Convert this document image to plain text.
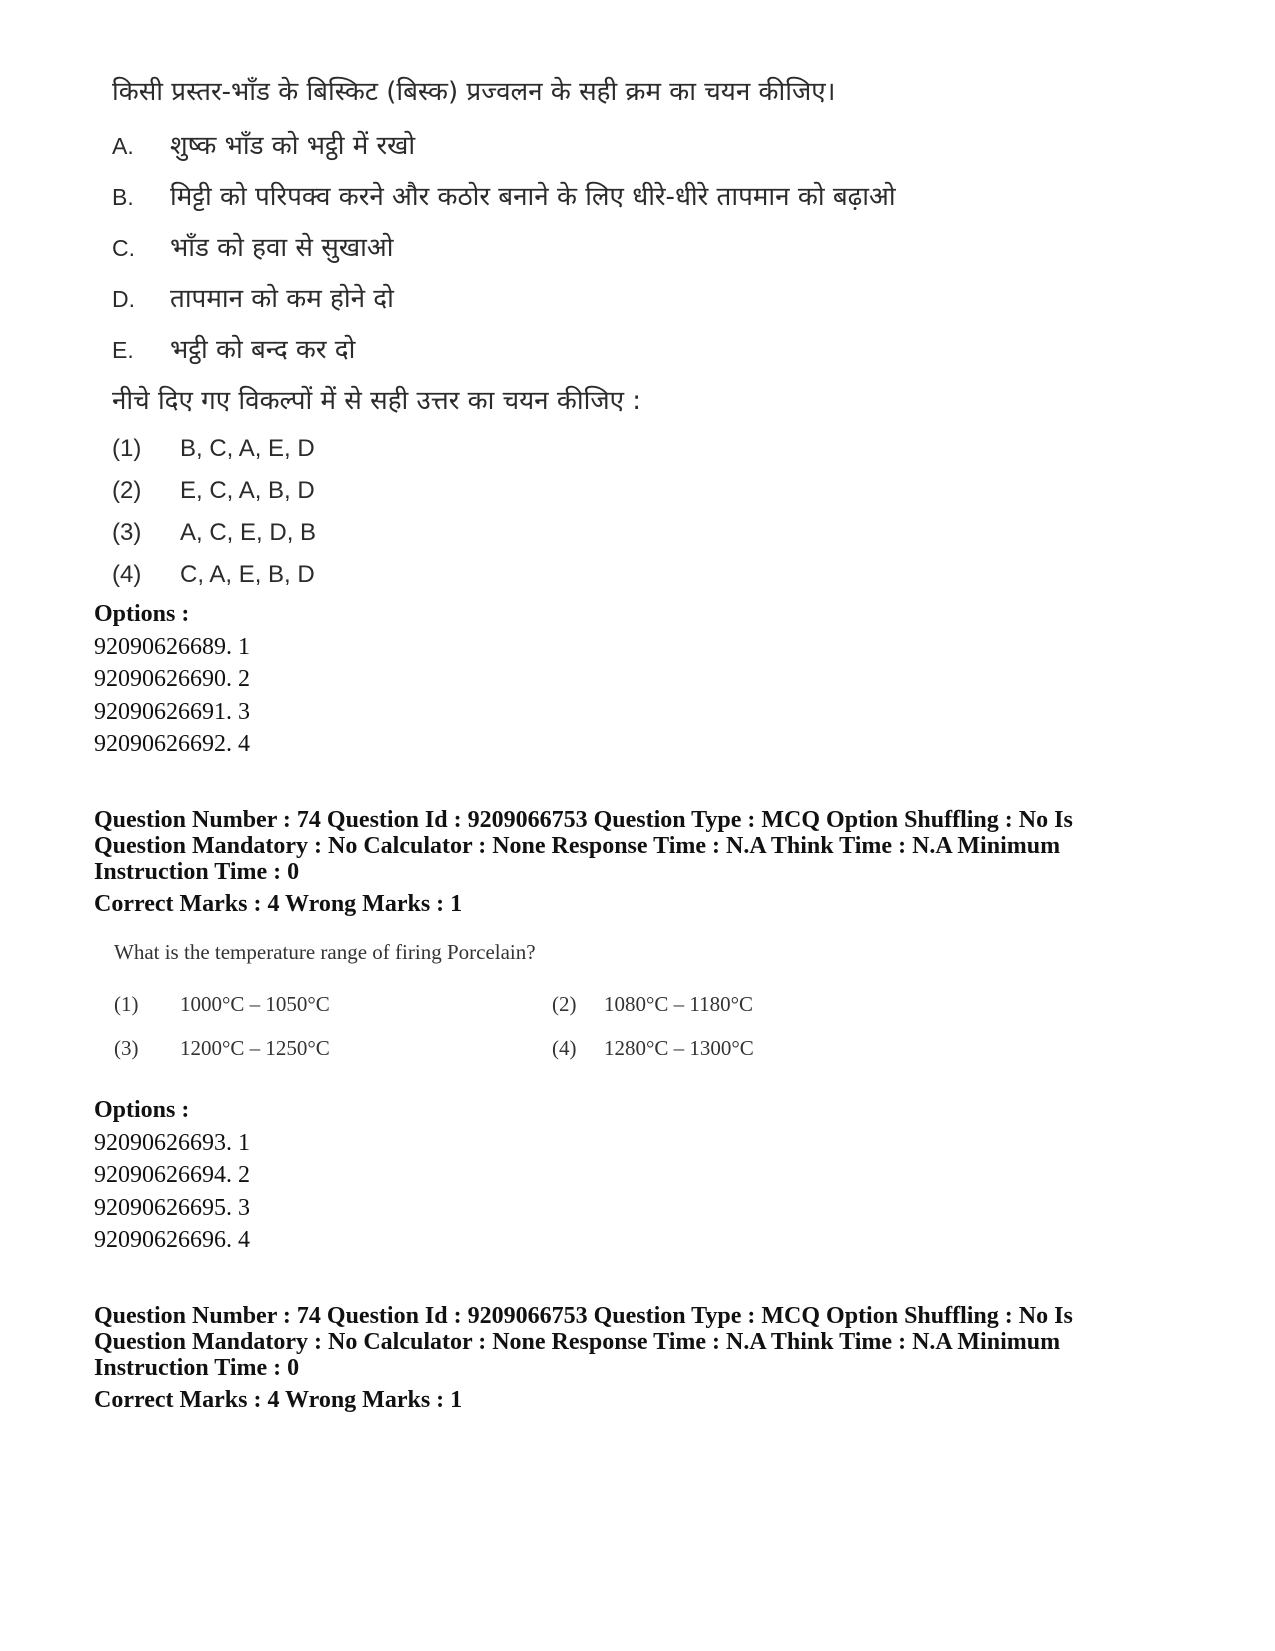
किसी प्रस्तर-भाँड के बिस्किट (बिस्क) प्रज्वलन के सही क्रम का चयन कीजिए।
A. शुष्क भाँड को भट्ठी में रखो
B. मिट्टी को परिपक्व करने और कठोर बनाने के लिए धीरे-धीरे तापमान को बढ़ाओ
C. भाँड को हवा से सुखाओ
D. तापमान को कम होने दो
E. भट्ठी को बन्द कर दो
नीचे दिए गए विकल्पों में से सही उत्तर का चयन कीजिए :
(1) B, C, A, E, D
(2) E, C, A, B, D
(3) A, C, E, D, B
(4) C, A, E, B, D
Options :
92090626689. 1
92090626690. 2
92090626691. 3
92090626692. 4
Question Number : 74 Question Id : 9209066753 Question Type : MCQ Option Shuffling : No Is
Question Mandatory : No Calculator : None Response Time : N.A Think Time : N.A Minimum
Instruction Time : 0
Correct Marks : 4 Wrong Marks : 1
What is the temperature range of firing Porcelain?
(1) 1000°C – 1050°C	(2) 1080°C – 1180°C
(3) 1200°C – 1250°C	(4) 1280°C – 1300°C
Options :
92090626693. 1
92090626694. 2
92090626695. 3
92090626696. 4
Question Number : 74 Question Id : 9209066753 Question Type : MCQ Option Shuffling : No Is
Question Mandatory : No Calculator : None Response Time : N.A Think Time : N.A Minimum
Instruction Time : 0
Correct Marks : 4 Wrong Marks : 1
